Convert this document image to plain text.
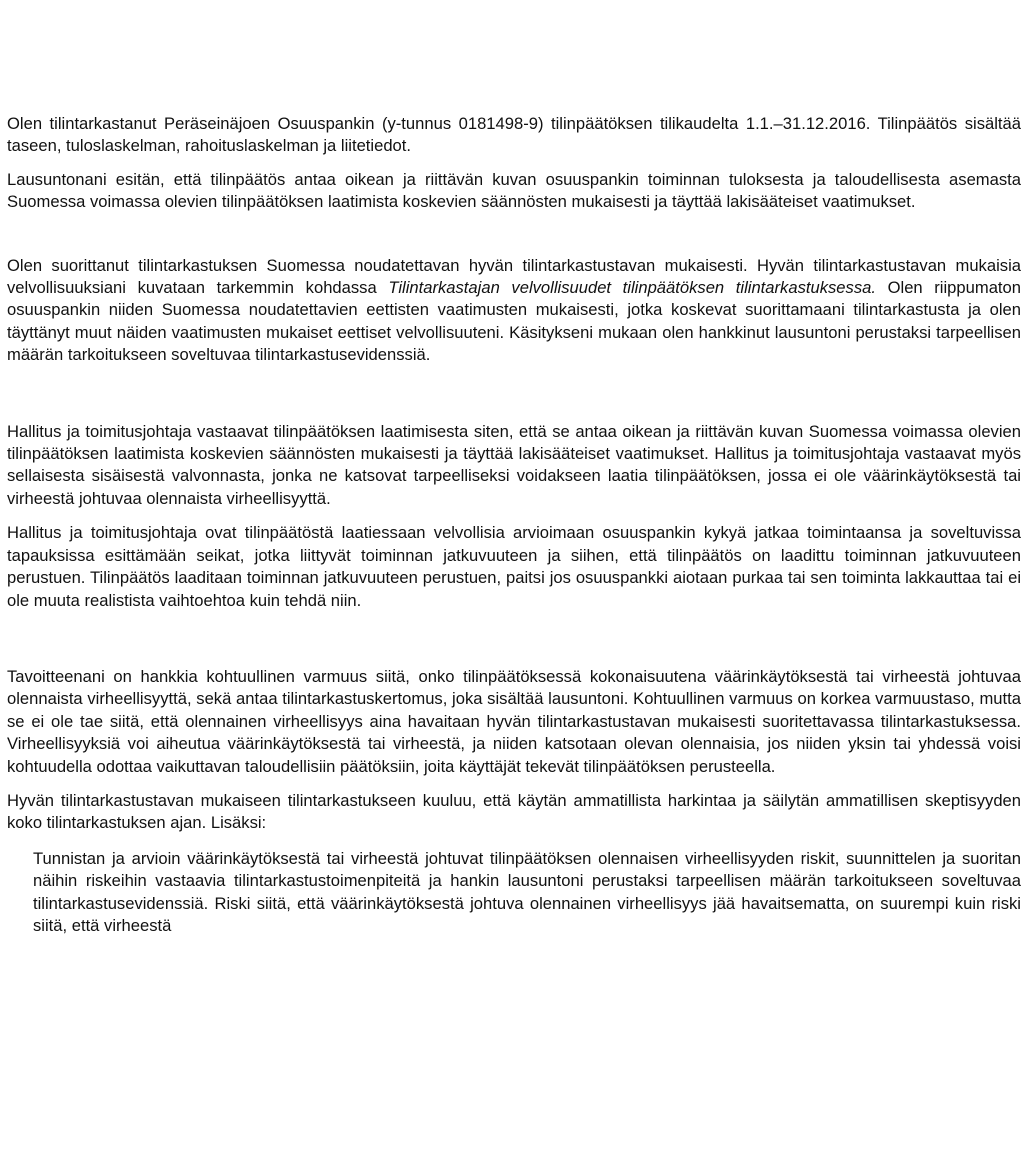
Olen tilintarkastanut Peräseinäjoen Osuuspankin (y-tunnus 0181498-9) tilinpäätöksen tilikaudelta 1.1.–31.12.2016. Tilinpäätös sisältää taseen, tuloslaskelman, rahoituslaskelman ja liitetiedot.

Lausuntonani esitän, että tilinpäätös antaa oikean ja riittävän kuvan osuuspankin toiminnan tuloksesta ja taloudellisesta asemasta Suomessa voimassa olevien tilinpäätöksen laatimista koskevien säännösten mukaisesti ja täyttää lakisääteiset vaatimukset.

Olen suorittanut tilintarkastuksen Suomessa noudatettavan hyvän tilintarkastustavan mukaisesti. Hyvän tilintarkastustavan mukaisia velvollisuuksiani kuvataan tarkemmin kohdassa Tilintarkastajan velvollisuudet tilinpäätöksen tilintarkastuksessa. Olen riippumaton osuuspankin niiden Suomessa noudatettavien eettisten vaatimusten mukaisesti, jotka koskevat suorittamaani tilintarkastusta ja olen täyttänyt muut näiden vaatimusten mukaiset eettiset velvollisuuteni. Käsitykseni mukaan olen hankkinut lausuntoni perustaksi tarpeellisen määrän tarkoitukseen soveltuvaa tilintarkastusevidenssiä.

Hallitus ja toimitusjohtaja vastaavat tilinpäätöksen laatimisesta siten, että se antaa oikean ja riittävän kuvan Suomessa voimassa olevien tilinpäätöksen laatimista koskevien säännösten mukaisesti ja täyttää lakisääteiset vaatimukset. Hallitus ja toimitusjohtaja vastaavat myös sellaisesta sisäisestä valvonnasta, jonka ne katsovat tarpeelliseksi voidakseen laatia tilinpäätöksen, jossa ei ole väärinkäytöksestä tai virheestä johtuvaa olennaista virheellisyyttä.

Hallitus ja toimitusjohtaja ovat tilinpäätöstä laatiessaan velvollisia arvioimaan osuuspankin kykyä jatkaa toimintaansa ja soveltuvissa tapauksissa esittämään seikat, jotka liittyvät toiminnan jatkuvuuteen ja siihen, että tilinpäätös on laadittu toiminnan jatkuvuuteen perustuen. Tilinpäätös laaditaan toiminnan jatkuvuuteen perustuen, paitsi jos osuuspankki aiotaan purkaa tai sen toiminta lakkauttaa tai ei ole muuta realistista vaihtoehtoa kuin tehdä niin.

Tavoitteenani on hankkia kohtuullinen varmuus siitä, onko tilinpäätöksessä kokonaisuutena väärinkäytöksestä tai virheestä johtuvaa olennaista virheellisyyttä, sekä antaa tilintarkastuskertomus, joka sisältää lausuntoni. Kohtuullinen varmuus on korkea varmuustaso, mutta se ei ole tae siitä, että olennainen virheellisyys aina havaitaan hyvän tilintarkastustavan mukaisesti suoritettavassa tilintarkastuksessa. Virheellisyyksiä voi aiheutua väärinkäytöksestä tai virheestä, ja niiden katsotaan olevan olennaisia, jos niiden yksin tai yhdessä voisi kohtuudella odottaa vaikuttavan taloudellisiin päätöksiin, joita käyttäjät tekevät tilinpäätöksen perusteella.

Hyvän tilintarkastustavan mukaiseen tilintarkastukseen kuuluu, että käytän ammatillista harkintaa ja säilytän ammatillisen skeptisyyden koko tilintarkastuksen ajan. Lisäksi:

Tunnistan ja arvioin väärinkäytöksestä tai virheestä johtuvat tilinpäätöksen olennaisen virheellisyyden riskit, suunnittelen ja suoritan näihin riskeihin vastaavia tilintarkastustoimenpiteitä ja hankin lausuntoni perustaksi tarpeellisen määrän tarkoitukseen soveltuvaa tilintarkastusevidenssiä. Riski siitä, että väärinkäytöksestä johtuva olennainen virheellisyys jää havaitsematta, on suurempi kuin riski siitä, että virheestä
